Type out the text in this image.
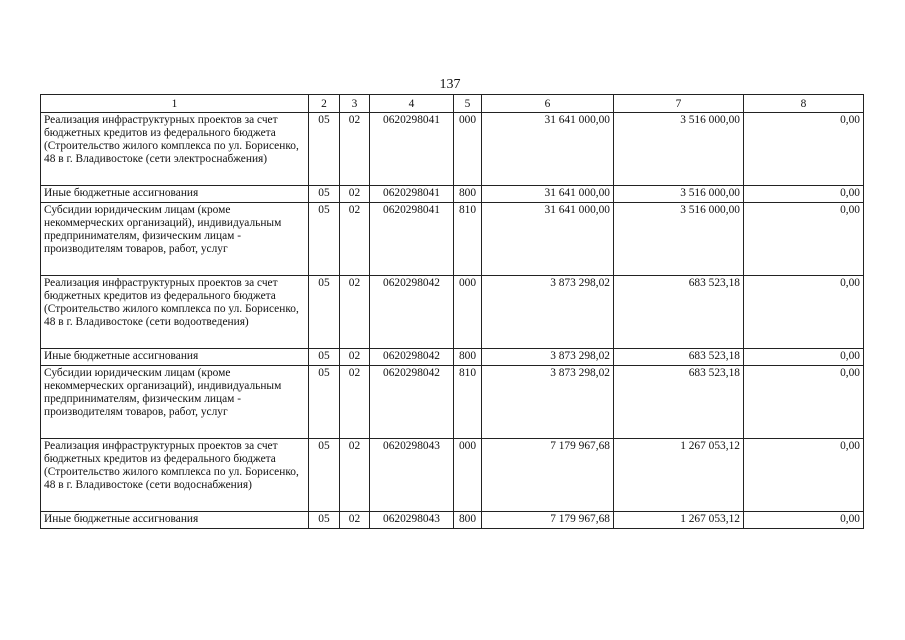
137
1	2	3	4	5	6	7	8
Реализация инфраструктурных проектов за счет бюджетных кредитов из федерального бюджета (Строительство жилого комплекса по ул. Борисенко, 48 в г. Владивостоке (сети электроснабжения)	05	02	0620298041	000	31 641 000,00	3 516 000,00	0,00
Иные бюджетные ассигнования	05	02	0620298041	800	31 641 000,00	3 516 000,00	0,00
Субсидии юридическим лицам (кроме некоммерческих организаций), индивидуальным предпринимателям, физическим лицам - производителям товаров, работ, услуг	05	02	0620298041	810	31 641 000,00	3 516 000,00	0,00
Реализация инфраструктурных проектов за счет бюджетных кредитов из федерального бюджета (Строительство жилого комплекса по ул. Борисенко, 48 в г. Владивостоке (сети водоотведения)	05	02	0620298042	000	3 873 298,02	683 523,18	0,00
Иные бюджетные ассигнования	05	02	0620298042	800	3 873 298,02	683 523,18	0,00
Субсидии юридическим лицам (кроме некоммерческих организаций), индивидуальным предпринимателям, физическим лицам - производителям товаров, работ, услуг	05	02	0620298042	810	3 873 298,02	683 523,18	0,00
Реализация инфраструктурных проектов за счет бюджетных кредитов из федерального бюджета (Строительство жилого комплекса по ул. Борисенко, 48 в г. Владивостоке (сети водоснабжения)	05	02	0620298043	000	7 179 967,68	1 267 053,12	0,00
Иные бюджетные ассигнования	05	02	0620298043	800	7 179 967,68	1 267 053,12	0,00
